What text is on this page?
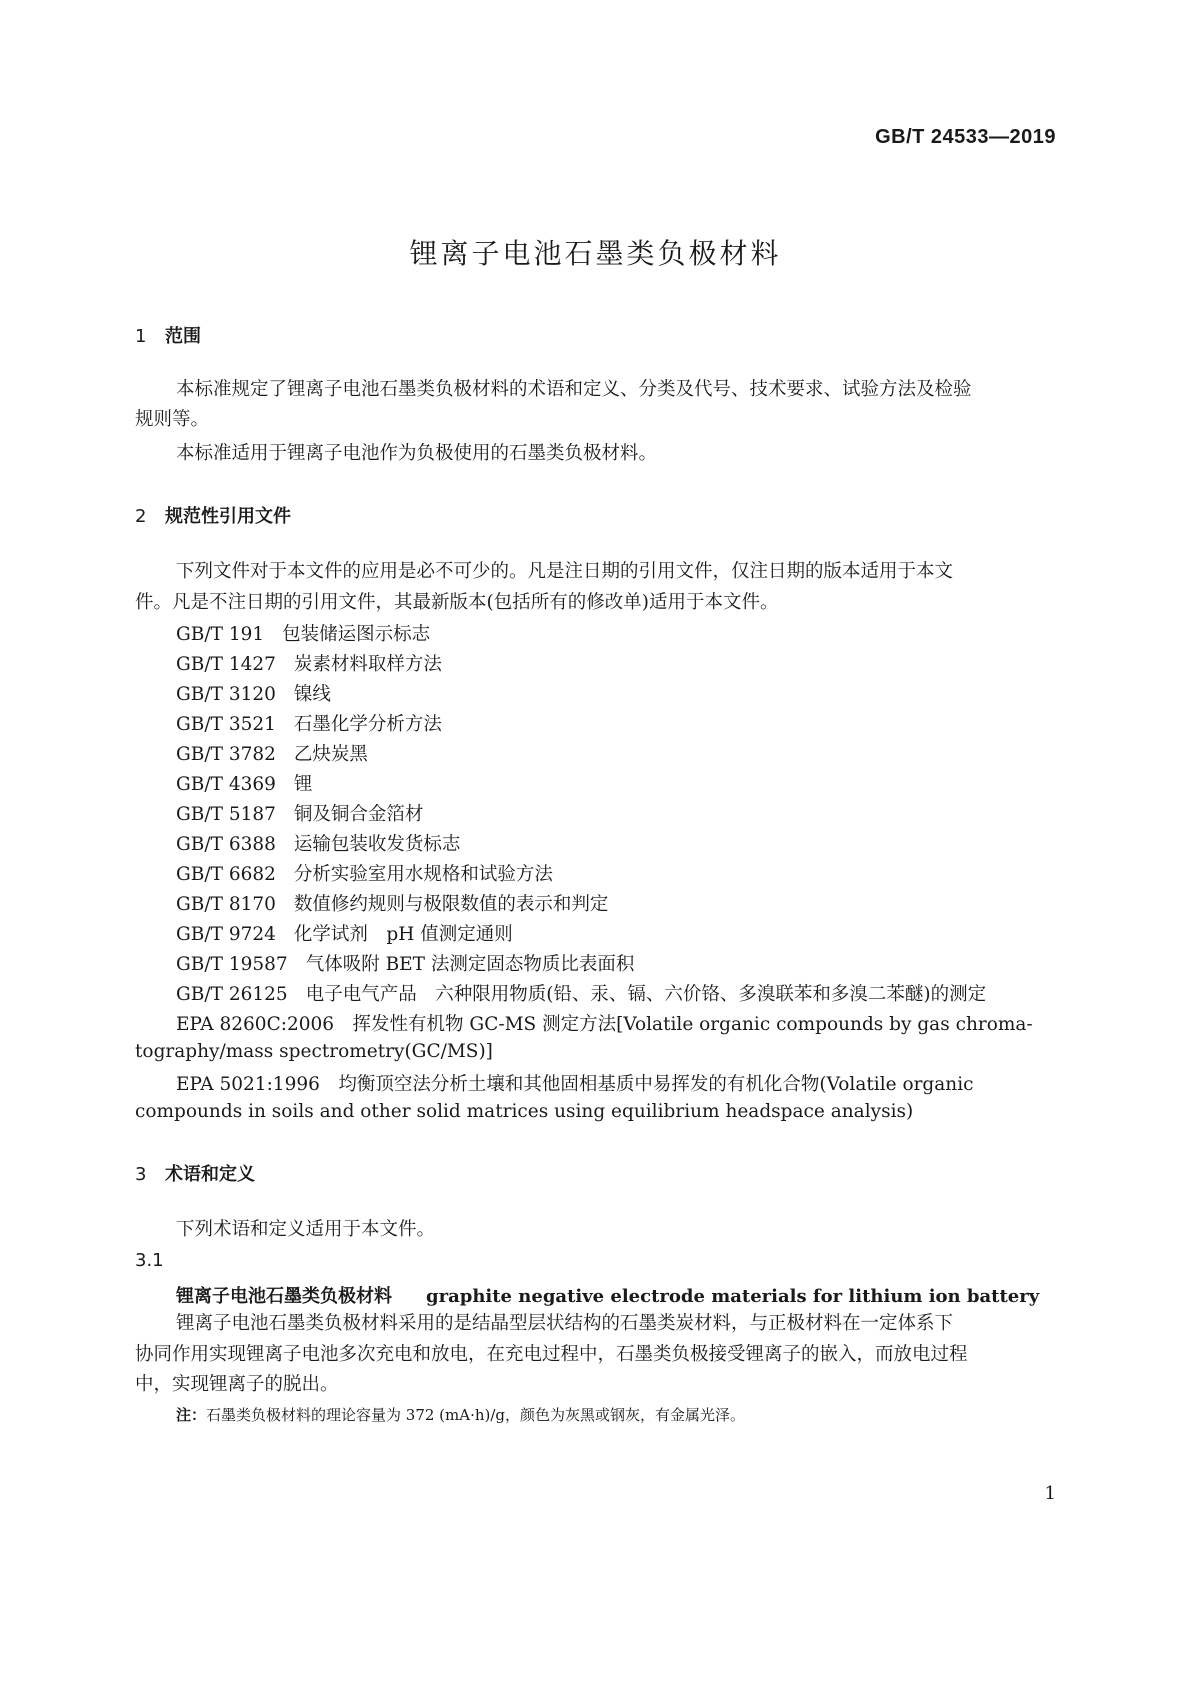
GB/T 24533—2019
锂离子电池石墨类负极材料
1 范围
本标准规定了锂离子电池石墨类负极材料的术语和定义、分类及代号、技术要求、试验方法及检验
规则等。
本标准适用于锂离子电池作为负极使用的石墨类负极材料。
2 规范性引用文件
下列文件对于本文件的应用是必不可少的。凡是注日期的引用文件，仅注日期的版本适用于本文
件。凡是不注日期的引用文件，其最新版本(包括所有的修改单)适用于本文件。
GB/T 191 包装储运图示标志
GB/T 1427 炭素材料取样方法
GB/T 3120 镍线
GB/T 3521 石墨化学分析方法
GB/T 3782 乙炔炭黑
GB/T 4369 锂
GB/T 5187 铜及铜合金箔材
GB/T 6388 运输包装收发货标志
GB/T 6682 分析实验室用水规格和试验方法
GB/T 8170 数值修约规则与极限数值的表示和判定
GB/T 9724 化学试剂　pH 值测定通则
GB/T 19587 气体吸附 BET 法测定固态物质比表面积
GB/T 26125 电子电气产品　六种限用物质(铅、汞、镉、六价铬、多溴联苯和多溴二苯醚)的测定
EPA 8260C:2006　挥发性有机物 GC-MS 测定方法[Volatile organic compounds by gas chroma-
tography/mass spectrometry(GC/MS)]
EPA 5021:1996　均衡顶空法分析土壤和其他固相基质中易挥发的有机化合物(Volatile organic
compounds in soils and other solid matrices using equilibrium headspace analysis)
3 术语和定义
下列术语和定义适用于本文件。
3.1
锂离子电池石墨类负极材料 graphite negative electrode materials for lithium ion battery
锂离子电池石墨类负极材料采用的是结晶型层状结构的石墨类炭材料，与正极材料在一定体系下
协同作用实现锂离子电池多次充电和放电，在充电过程中，石墨类负极接受锂离子的嵌入，而放电过程
中，实现锂离子的脱出。
注：石墨类负极材料的理论容量为 372 (mA·h)/g，颜色为灰黑或钢灰，有金属光泽。
1
